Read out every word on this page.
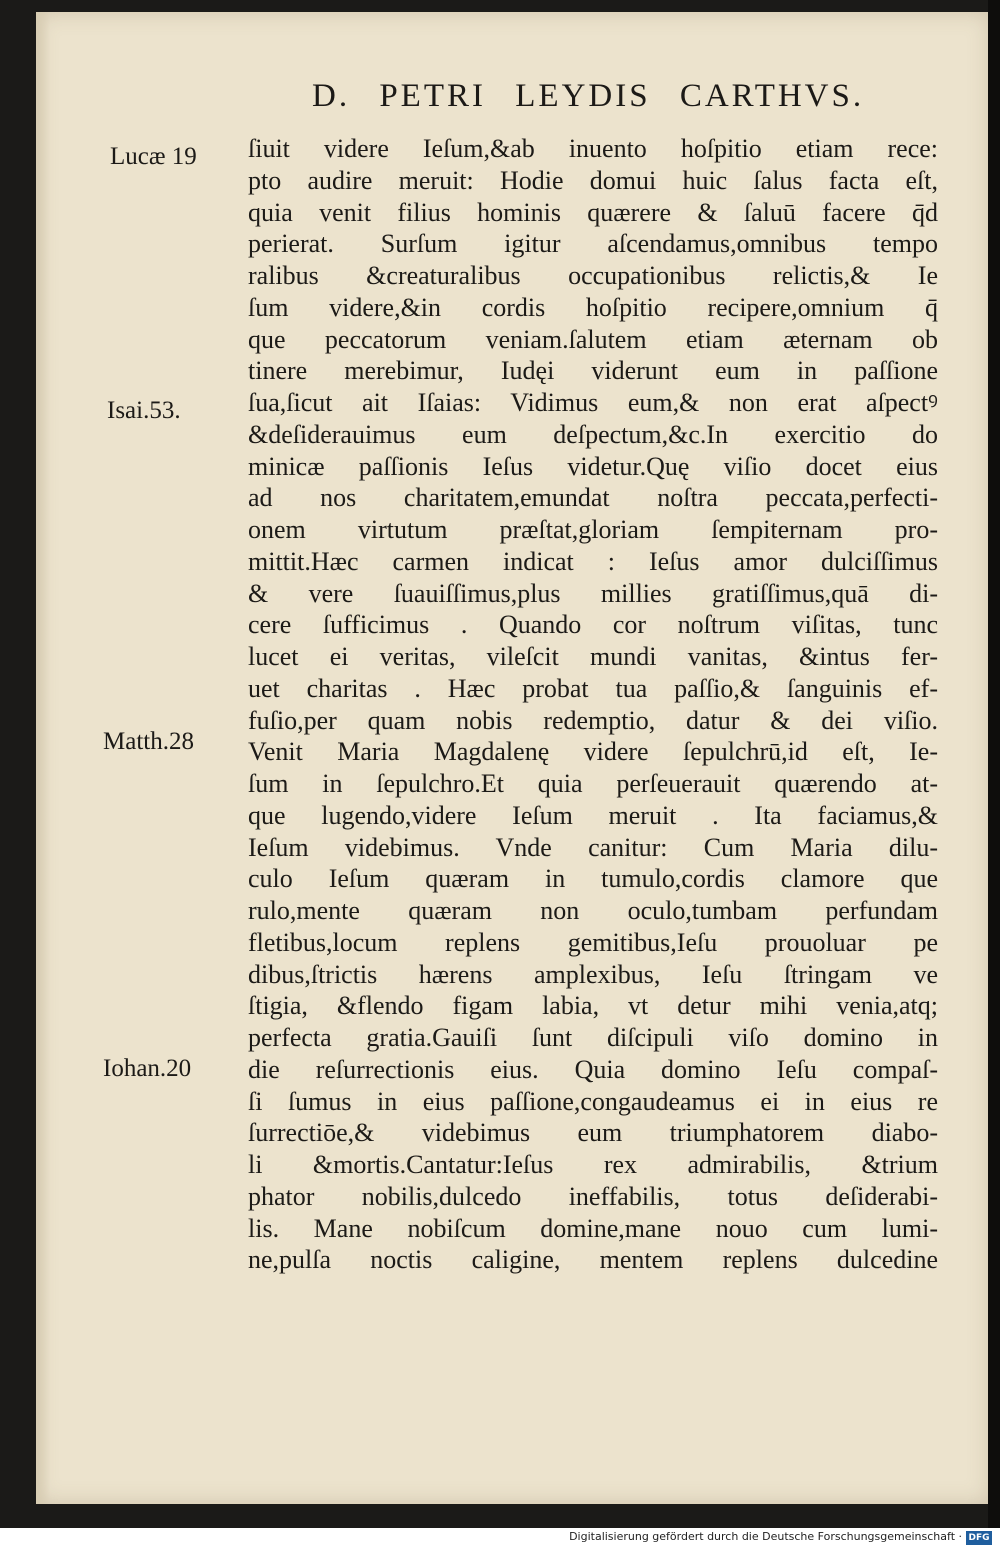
D. PETRI LEYDIS CARTHVS.
Lucæ 19
Isai.53.
Matth.28
Iohan.20
ſiuit videre Ieſum,&ab inuento hoſpitio etiam rece:
pto audire meruit: Hodie domui huic ſalus facta eſt,
quia venit filius hominis quærere & ſaluū facere q̄d
perierat. Surſum igitur aſcendamus,omnibus tempo
ralibus &creaturalibus occupationibus relictis,& Ie
ſum videre,&in cordis hoſpitio recipere,omnium q̄
que peccatorum veniam.ſalutem etiam æternam ob
tinere merebimur, Iudęi viderunt eum in paſſione
ſua,ſicut ait Iſaias: Vidimus eum,& non erat aſpectꝰ
&deſiderauimus eum deſpectum,&c.In exercitio do
minicæ paſſionis Ieſus videtur.Quę viſio docet eius
ad nos charitatem,emundat noſtra peccata,perfecti-
onem virtutum præſtat,gloriam ſempiternam pro-
mittit.Hæc carmen indicat : Ieſus amor dulciſſimus
& vere ſuauiſſimus,plus millies gratiſſimus,quā di-
cere ſufficimus . Quando cor noſtrum viſitas, tunc
lucet ei veritas, vileſcit mundi vanitas, &intus fer-
uet charitas . Hæc probat tua paſſio,& ſanguinis ef-
fuſio,per quam nobis redemptio, datur & dei viſio.
Venit Maria Magdalenę videre ſepulchrū,id eſt, Ie-
ſum in ſepulchro.Et quia perſeuerauit quærendo at-
que lugendo,videre Ieſum meruit . Ita faciamus,&
Ieſum videbimus. Vnde canitur: Cum Maria dilu-
culo Ieſum quæram in tumulo,cordis clamore que
rulo,mente quæram non oculo,tumbam perfundam
fletibus,locum replens gemitibus,Ieſu prouoluar pe
dibus,ſtrictis hærens amplexibus, Ieſu ſtringam ve
ſtigia, &flendo figam labia, vt detur mihi venia,atq;
perfecta gratia.Gauiſi ſunt diſcipuli viſo domino in
die reſurrectionis eius. Quia domino Ieſu compaſ-
ſi ſumus in eius paſſione,congaudeamus ei in eius re
ſurrectiōe,& videbimus eum triumphatorem diabo-
li &mortis.Cantatur:Ieſus rex admirabilis, &trium
phator nobilis,dulcedo ineffabilis, totus deſiderabi-
lis. Mane nobiſcum domine,mane nouo cum lumi-
ne,pulſa noctis caligine, mentem replens dulcedine
Digitalisierung gefördert durch die Deutsche Forschungsgemeinschaft · DFG
